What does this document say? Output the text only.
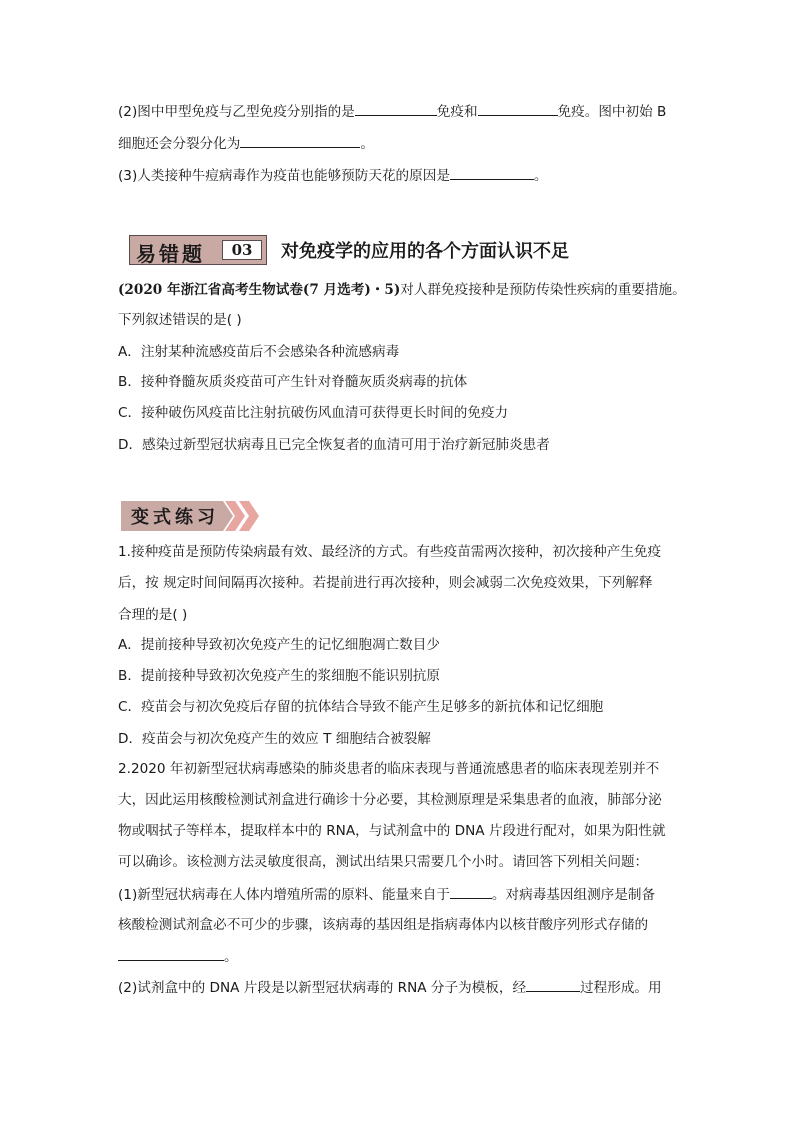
(2)图中甲型免疫与乙型免疫分别指的是	免疫和	免疫。图中初始 B
细胞还会分裂分化为	。
(3)人类接种牛痘病毒作为疫苗也能够预防天花的原因是	。
易错题	03	对免疫学的应用的各个方面认识不足
(2020 年浙江省高考生物试卷(7 月选考)・5)对人群免疫接种是预防传染性疾病的重要措施。
下列叙述错误的是( )
A．注射某种流感疫苗后不会感染各种流感病毒
B．接种脊髓灰质炎疫苗可产生针对脊髓灰质炎病毒的抗体
C．接种破伤风疫苗比注射抗破伤风血清可获得更长时间的免疫力
D．感染过新型冠状病毒且已完全恢复者的血清可用于治疗新冠肺炎患者
变式练习
1.接种疫苗是预防传染病最有效、最经济的方式。有些疫苗需两次接种，初次接种产生免疫
后，按 规定时间间隔再次接种。若提前进行再次接种，则会减弱二次免疫效果，下列解释
合理的是( )
A．提前接种导致初次免疫产生的记忆细胞凋亡数目少
B．提前接种导致初次免疫产生的浆细胞不能识别抗原
C．疫苗会与初次免疫后存留的抗体结合导致不能产生足够多的新抗体和记忆细胞
D．疫苗会与初次免疫产生的效应 T 细胞结合被裂解
2.2020 年初新型冠状病毒感染的肺炎患者的临床表现与普通流感患者的临床表现差别并不
大，因此运用核酸检测试剂盒进行确诊十分必要，其检测原理是采集患者的血液，肺部分泌
物或咽拭子等样本，提取样本中的 RNA，与试剂盒中的 DNA 片段进行配对，如果为阳性就
可以确诊。该检测方法灵敏度很高，测试出结果只需要几个小时。请回答下列相关问题：
(1)新型冠状病毒在人体内增殖所需的原料、能量来自于	。对病毒基因组测序是制备
核酸检测试剂盒必不可少的步骤，该病毒的基因组是指病毒体内以核苷酸序列形式存储的
。
(2)试剂盒中的 DNA 片段是以新型冠状病毒的 RNA 分子为模板，经	过程形成。用
